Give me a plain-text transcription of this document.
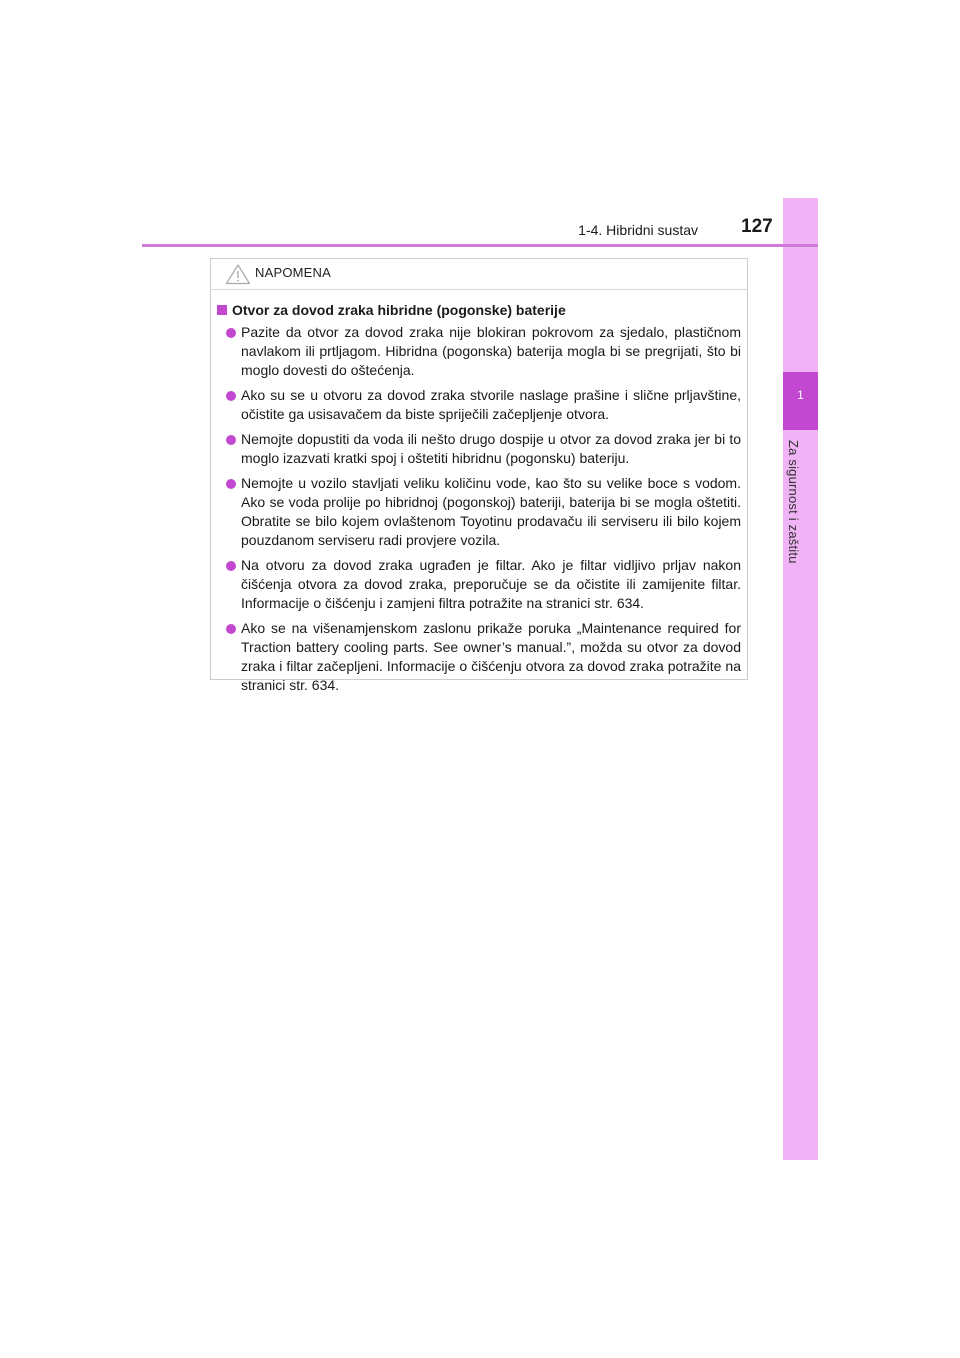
1
Za sigurnost i zaštitu
1-4. Hibridni sustav 127
NAPOMENA
Otvor za dovod zraka hibridne (pogonske) baterije
Pazite da otvor za dovod zraka nije blokiran pokrovom za sjedalo, plastičnom navlakom ili prtljagom. Hibridna (pogonska) baterija mogla bi se pregrijati, što bi moglo dovesti do oštećenja.
Ako su se u otvoru za dovod zraka stvorile naslage prašine i slične prljavštine, očistite ga usisavačem da biste spriječili začepljenje otvora.
Nemojte dopustiti da voda ili nešto drugo dospije u otvor za dovod zraka jer bi to moglo izazvati kratki spoj i oštetiti hibridnu (pogonsku) bateriju.
Nemojte u vozilo stavljati veliku količinu vode, kao što su velike boce s vodom. Ako se voda prolije po hibridnoj (pogonskoj) bateriji, baterija bi se mogla oštetiti. Obratite se bilo kojem ovlaštenom Toyotinu prodavaču ili serviseru ili bilo kojem pouzdanom serviseru radi provjere vozila.
Na otvoru za dovod zraka ugrađen je filtar. Ako je filtar vidljivo prljav nakon čišćenja otvora za dovod zraka, preporučuje se da očistite ili zamijenite filtar. Informacije o čišćenju i zamjeni filtra potražite na stranici str. 634.
Ako se na višenamjenskom zaslonu prikaže poruka „Maintenance required for Traction battery cooling parts. See owner’s manual.”, možda su otvor za dovod zraka i filtar začepljeni. Informacije o čišćenju otvora za dovod zraka potražite na stranici str. 634.
